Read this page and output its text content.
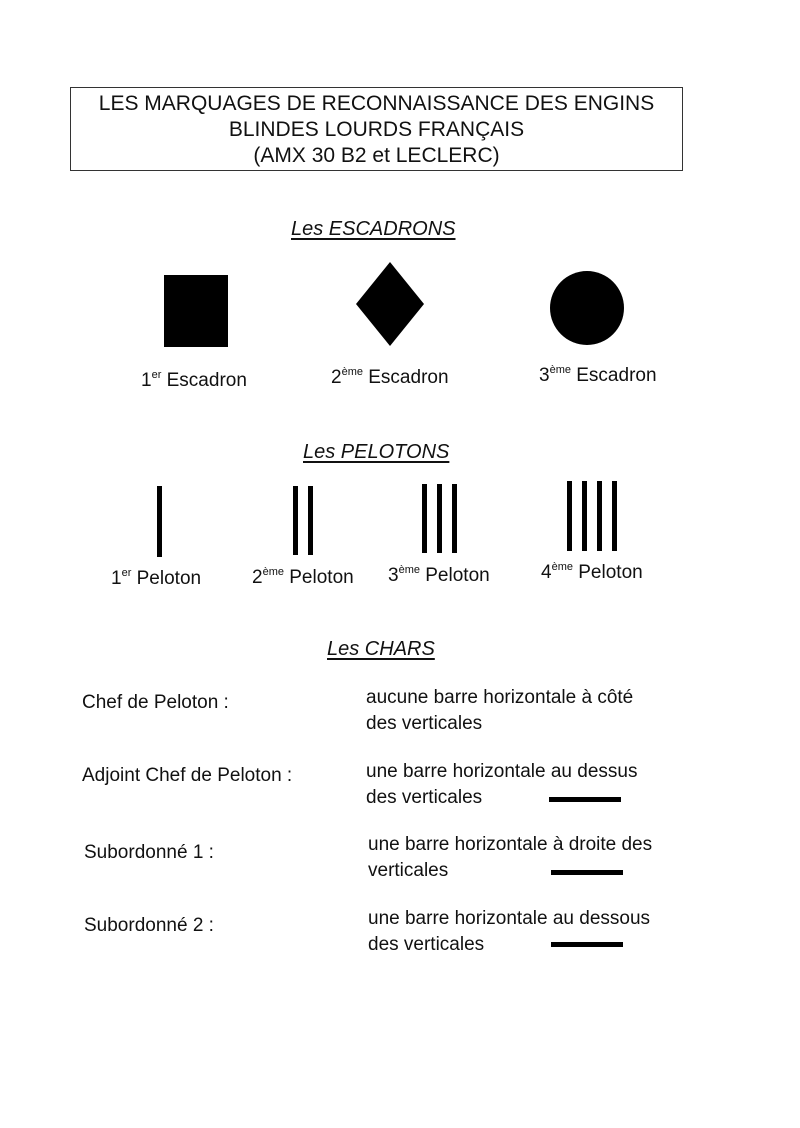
LES MARQUAGES DE RECONNAISSANCE DES ENGINS
BLINDES LOURDS FRANÇAIS
(AMX 30 B2 et LECLERC)
Les ESCADRONS
1er Escadron	2ème Escadron	3ème Escadron
Les PELOTONS
1er Peloton	2ème Peloton 3ème Peloton	4ème Peloton
Les CHARS
Chef de Peloton :	aucune barre horizontale à côté
des verticales
Adjoint Chef de Peloton :	une barre horizontale au dessus
des verticales
Subordonné 1 :	une barre horizontale à droite des
verticales
Subordonné 2 :	une barre horizontale au dessous
des verticales
